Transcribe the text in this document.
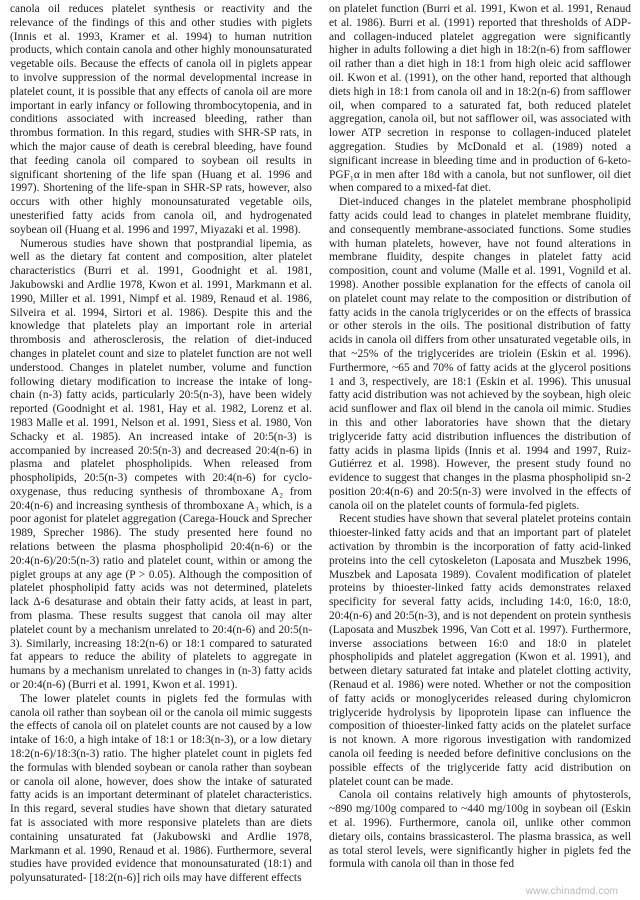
canola oil reduces platelet synthesis or reactivity and the relevance of the findings of this and other studies with piglets (Innis et al. 1993, Kramer et al. 1994) to human nutrition products, which contain canola and other highly monounsaturated vegetable oils. Because the effects of canola oil in piglets appear to involve suppression of the normal developmental increase in platelet count, it is possible that any effects of canola oil are more important in early infancy or following thrombocytopenia, and in conditions associated with increased bleeding, rather than thrombus formation. In this regard, studies with SHR-SP rats, in which the major cause of death is cerebral bleeding, have found that feeding canola oil compared to soybean oil results in significant shortening of the life span (Huang et al. 1996 and 1997). Shortening of the life-span in SHR-SP rats, however, also occurs with other highly monounsaturated vegetable oils, unesterified fatty acids from canola oil, and hydrogenated soybean oil (Huang et al. 1996 and 1997, Miyazaki et al. 1998).

Numerous studies have shown that postprandial lipemia, as well as the dietary fat content and composition, alter platelet characteristics (Burri et al. 1991, Goodnight et al. 1981, Jakubowski and Ardlie 1978, Kwon et al. 1991, Markmann et al. 1990, Miller et al. 1991, Nimpf et al. 1989, Renaud et al. 1986, Silveira et al. 1994, Sirtori et al. 1986). Despite this and the knowledge that platelets play an important role in arterial thrombosis and atherosclerosis, the relation of diet-induced changes in platelet count and size to platelet function are not well understood. Changes in platelet number, volume and function following dietary modification to increase the intake of long-chain (n-3) fatty acids, particularly 20:5(n-3), have been widely reported (Goodnight et al. 1981, Hay et al. 1982, Lorenz et al. 1983 Malle et al. 1991, Nelson et al. 1991, Siess et al. 1980, Von Schacky et al. 1985). An increased intake of 20:5(n-3) is accompanied by increased 20:5(n-3) and decreased 20:4(n-6) in plasma and platelet phospholipids. When released from phospholipids, 20:5(n-3) competes with 20:4(n-6) for cyclo-oxygenase, thus reducing synthesis of thromboxane A₂ from 20:4(n-6) and increasing synthesis of thromboxane A₃ which, is a poor agonist for platelet aggregation (Carega-Houck and Sprecher 1989, Sprecher 1986). The study presented here found no relations between the plasma phospholipid 20:4(n-6) or the 20:4(n-6)/20:5(n-3) ratio and platelet count, within or among the piglet groups at any age (P > 0.05). Although the composition of platelet phospholipid fatty acids was not determined, platelets lack Δ-6 desaturase and obtain their fatty acids, at least in part, from plasma. These results suggest that canola oil may alter platelet count by a mechanism unrelated to 20:4(n-6) and 20:5(n-3). Similarly, increasing 18:2(n-6) or 18:1 compared to saturated fat appears to reduce the ability of platelets to aggregate in humans by a mechanism unrelated to changes in (n-3) fatty acids or 20:4(n-6) (Burri et al. 1991, Kwon et al. 1991).

The lower platelet counts in piglets fed the formulas with canola oil rather than soybean oil or the canola oil mimic suggests the effects of canola oil on platelet counts are not caused by a low intake of 16:0, a high intake of 18:1 or 18:3(n-3), or a low dietary 18:2(n-6)/18:3(n-3) ratio. The higher platelet count in piglets fed the formulas with blended soybean or canola rather than soybean or canola oil alone, however, does show the intake of saturated fatty acids is an important determinant of platelet characteristics. In this regard, several studies have shown that dietary saturated fat is associated with more responsive platelets than are diets containing unsaturated fat (Jakubowski and Ardlie 1978, Markmann et al. 1990, Renaud et al. 1986). Furthermore, several studies have provided evidence that monounsaturated (18:1) and polyunsaturated- [18:2(n-6)] rich oils may have different effects

on platelet function (Burri et al. 1991, Kwon et al. 1991, Renaud et al. 1986). Burri et al. (1991) reported that thresholds of ADP- and collagen-induced platelet aggregation were significantly higher in adults following a diet high in 18:2(n-6) from safflower oil rather than a diet high in 18:1 from high oleic acid safflower oil. Kwon et al. (1991), on the other hand, reported that although diets high in 18:1 from canola oil and in 18:2(n-6) from safflower oil, when compared to a saturated fat, both reduced platelet aggregation, canola oil, but not safflower oil, was associated with lower ATP secretion in response to collagen-induced platelet aggregation. Studies by McDonald et al. (1989) noted a significant increase in bleeding time and in production of 6-keto-PGF₁α in men after 18d with a canola, but not sunflower, oil diet when compared to a mixed-fat diet.

Diet-induced changes in the platelet membrane phospholipid fatty acids could lead to changes in platelet membrane fluidity, and consequently membrane-associated functions. Some studies with human platelets, however, have not found alterations in membrane fluidity, despite changes in platelet fatty acid composition, count and volume (Malle et al. 1991, Vognild et al. 1998). Another possible explanation for the effects of canola oil on platelet count may relate to the composition or distribution of fatty acids in the canola triglycerides or on the effects of brassica or other sterols in the oils. The positional distribution of fatty acids in canola oil differs from other unsaturated vegetable oils, in that ~25% of the triglycerides are triolein (Eskin et al. 1996). Furthermore, ~65 and 70% of fatty acids at the glycerol positions 1 and 3, respectively, are 18:1 (Eskin et al. 1996). This unusual fatty acid distribution was not achieved by the soybean, high oleic acid sunflower and flax oil blend in the canola oil mimic. Studies in this and other laboratories have shown that the dietary triglyceride fatty acid distribution influences the distribution of fatty acids in plasma lipids (Innis et al. 1994 and 1997, Ruiz-Gutiérrez et al. 1998). However, the present study found no evidence to suggest that changes in the plasma phospholipid sn-2 position 20:4(n-6) and 20:5(n-3) were involved in the effects of canola oil on the platelet counts of formula-fed piglets.

Recent studies have shown that several platelet proteins contain thioester-linked fatty acids and that an important part of platelet activation by thrombin is the incorporation of fatty acid-linked proteins into the cell cytoskeleton (Laposata and Muszbek 1996, Muszbek and Laposata 1989). Covalent modification of platelet proteins by thioester-linked fatty acids demonstrates relaxed specificity for several fatty acids, including 14:0, 16:0, 18:0, 20:4(n-6) and 20:5(n-3), and is not dependent on protein synthesis (Laposata and Muszbek 1996, Van Cott et al. 1997). Furthermore, inverse associations between 16:0 and 18:0 in platelet phospholipids and platelet aggregation (Kwon et al. 1991), and between dietary saturated fat intake and platelet clotting activity, (Renaud et al. 1986) were noted. Whether or not the composition of fatty acids or monoglycerides released during chylomicron triglyceride hydrolysis by lipoprotein lipase can influence the composition of thioester-linked fatty acids on the platelet surface is not known. A more rigorous investigation with randomized canola oil feeding is needed before definitive conclusions on the possible effects of the triglyceride fatty acid distribution on platelet count can be made.

Canola oil contains relatively high amounts of phytosterols, ~890 mg/100g compared to ~440 mg/100g in soybean oil (Eskin et al. 1996). Furthermore, canola oil, unlike other common dietary oils, contains brassicasterol. The plasma brassica, as well as total sterol levels, were significantly higher in piglets fed the formula with canola oil than in those fed

www.chinadmd.com
